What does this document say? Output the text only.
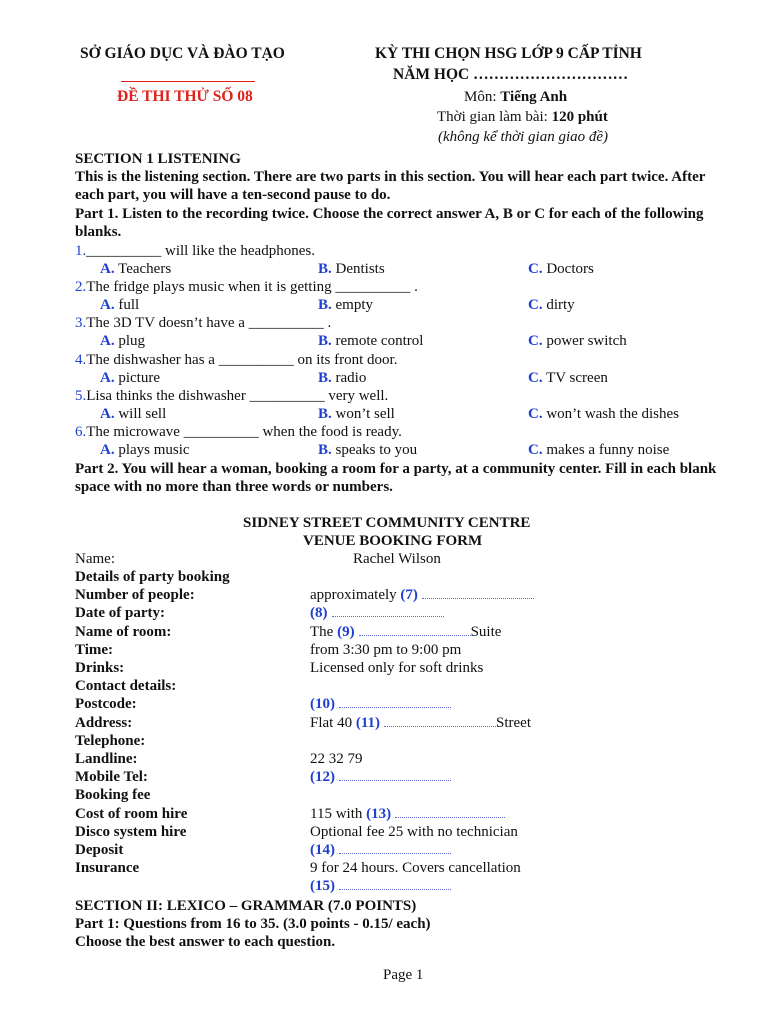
SỞ GIÁO DỤC VÀ ĐÀO TẠO
ĐỀ THI THỬ SỐ 08
KỲ THI CHỌN HSG LỚP 9 CẤP TỈNH
NĂM HỌC …………………………
Môn: Tiếng Anh
Thời gian làm bài: 120 phút
(không kể thời gian giao đề)
SECTION 1 LISTENING
This is the listening section. There are two parts in this section. You will hear each part twice. After each part, you will have a ten-second pause to do.
Part 1. Listen to the recording twice. Choose the correct answer A, B or C for each of the following blanks.
1.__________ will like the headphones.
A. Teachers	B. Dentists	C. Doctors
2.The fridge plays music when it is getting __________ .
A. full	B. empty	C. dirty
3.The 3D TV doesn’t have a __________ .
A. plug	B. remote control	C. power switch
4.The dishwasher has a __________ on its front door.
A. picture	B. radio	C. TV screen
5.Lisa thinks the dishwasher __________ very well.
A. will sell	B. won’t sell	C. won’t wash the dishes
6.The microwave __________ when the food is ready.
A. plays music	B. speaks to you	C. makes a funny noise
Part 2. You will hear a woman, booking a room for a party, at a community center. Fill in each blank space with no more than three words or numbers.
SIDNEY STREET COMMUNITY CENTRE
VENUE BOOKING FORM
Name:	Rachel Wilson
Details of party booking
Number of people:	approximately (7)
Date of party:	(8)
Name of room:	The (9)	Suite
Time:	from 3:30 pm to 9:00 pm
Drinks:	Licensed only for soft drinks
Contact details:
Postcode:	(10)
Address:	Flat 40 (11)	Street
Telephone:
Landline:	22 32 79
Mobile Tel:	(12)
Booking fee
Cost of room hire	115 with (13)
Disco system hire	Optional fee 25 with no technician
Deposit	(14)
Insurance	9 for 24 hours. Covers cancellation
(15)
SECTION II: LEXICO – GRAMMAR (7.0 POINTS)
Part 1: Questions from 16 to 35. (3.0 points - 0.15/ each)
Choose the best answer to each question.
Page 1
